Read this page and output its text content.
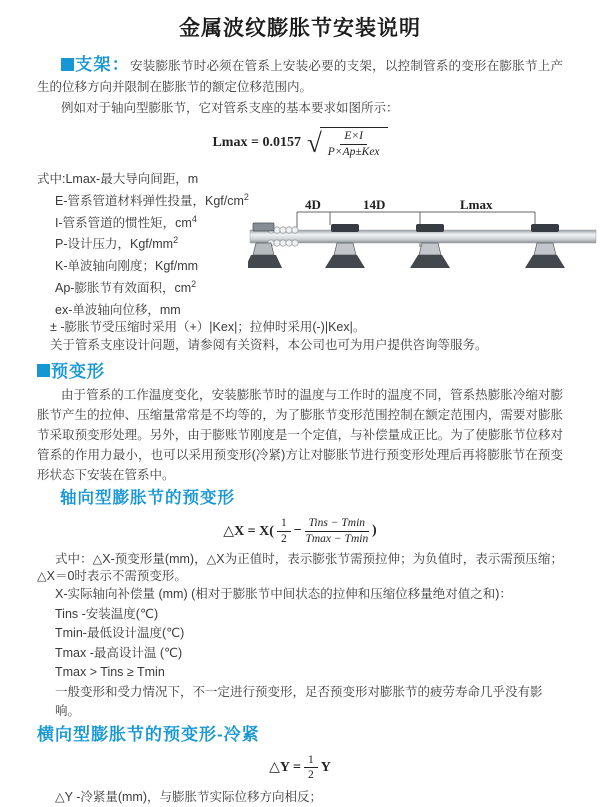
金属波纹膨胀节安装说明

支架：安装膨胀节时必须在管系上安装必要的支架，以控制管系的变形在膨胀节上产生的位移方向并限制在膨胀节的额定位移范围内。

例如对于轴向型膨胀节，它对管系支座的基本要求如图所示：

Lmax = 0.0157 √ $\frac{E\times I}{\text{P×Ap±Kex}}$
式中:Lmax-最大导向间距，m
E-管系管道材料弹性投量，Kgf/$cm^2$
I-管系管道的惯性矩，$cm^4$
P-设计压力，Kgf/$mm^2$
K-单波轴向刚度；Kgf/mm
Ap-膨胀节有效面积，$cm^2$
ex-单波轴向位移，mm
± -膨胀节受压缩时采用（+）|Kex|；拉伸时采用(-)|Kex|。
关于管系支座设计问题，请参阅有关资料，本公司也可为用户提供咨询等服务。
4D	14D	Lmax
预变形

由于管系的工作温度变化，安装膨胀节时的温度与工作时的温度不同，管系热膨胀冷缩对膨胀节产生的拉伸、压缩量常常是不均等的，为了膨胀节变形范围控制在额定范围内，需要对膨胀节采取预变形处理。另外，由于膨账节刚度是一个定值，与补偿量成正比。为了使膨胀节位移对管系的作用力最小，也可以采用预变形(冷紧)方让对膨胀节进行预变形处理后再将膨胀节在预变形状态下安装在管系中。

轴向型膨胀节的预变形
△X = $X( \frac{1}{2} - \frac{\text{Tins − Tmin}}{Tmax - Tmin}$ )

式中：△X-预变形量(mm)，△X为正值时，表示膨张节需预拉伸；为负值时，表示需预压缩；△X＝0时表示不需预变形。

X-实际轴向补偿量 (mm) (相对于膨胀节中间状态的拉伸和压缩位移量绝对值之和)：
Tins -安装温度(℃)
Tmin-最低设计温度(℃)
Tmax -最高设计温 (℃)
Tmax > Tins ≥ Tmin
一般变形和受力情况下，不一定进行预变形，足否预变形对膨胀节的疲劳寿命几乎没有影响。
横向型膨胀节的预变形-冷紧
△Y = $\frac{1}{2}$ Y
△Y -冷紧量(mm)，与膨胀节实际位移方向相反；
